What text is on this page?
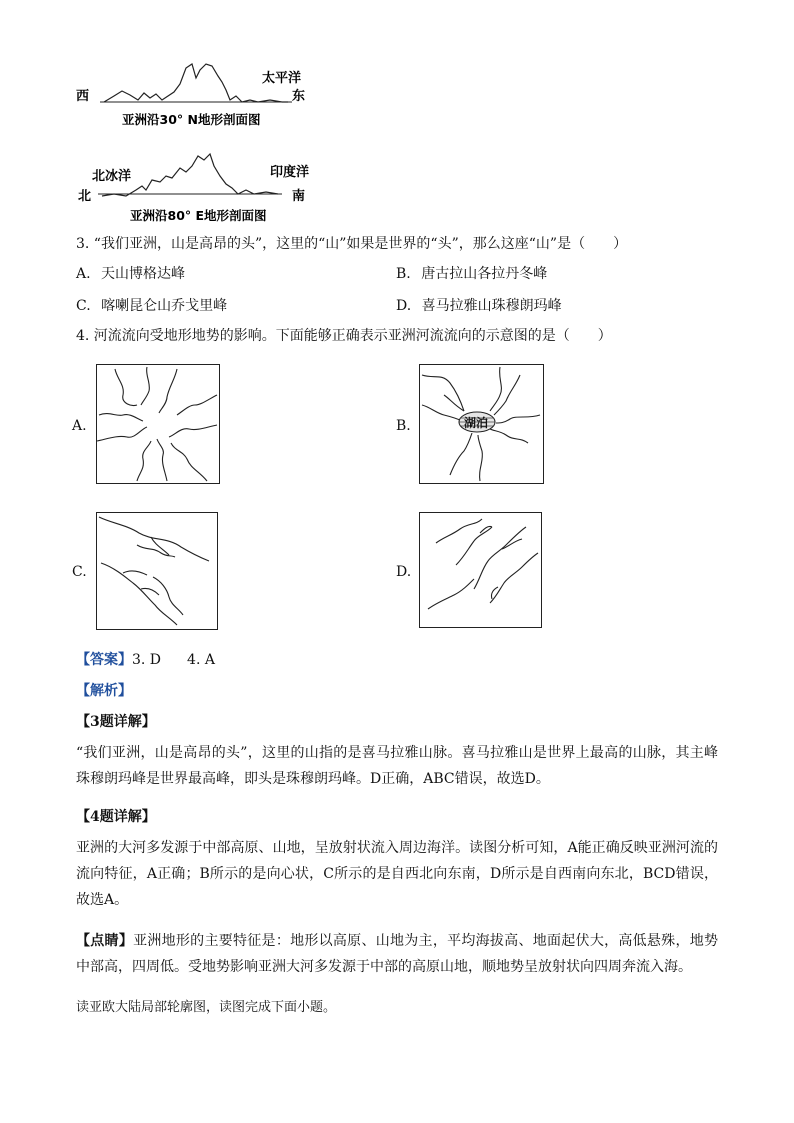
西
太平洋
东
亚洲沿30° N地形剖面图
北冰洋
北
印度洋
南
亚洲沿80° E地形剖面图
3. “我们亚洲，山是高昂的头”，这里的“山”如果是世界的“头”，那么这座“山”是（　　）
A. 天山博格达峰	B. 唐古拉山各拉丹冬峰
C. 喀喇昆仑山乔戈里峰	D. 喜马拉雅山珠穆朗玛峰
4. 河流流向受地形地势的影响。下面能够正确表示亚洲河流流向的示意图的是（　　）
A.	B.	湖泊
C.	D.
【答案】3. D 4. A
【解析】
【3题详解】
“我们亚洲，山是高昂的头”，这里的山指的是喜马拉雅山脉。喜马拉雅山是世界上最高的山脉，其主峰珠穆朗玛峰是世界最高峰，即头是珠穆朗玛峰。D正确，ABC错误，故选D。
【4题详解】
亚洲的大河多发源于中部高原、山地，呈放射状流入周边海洋。读图分析可知，A能正确反映亚洲河流的流向特征，A正确；B所示的是向心状，C所示的是自西北向东南，D所示是自西南向东北，BCD错误，故选A。
【点睛】亚洲地形的主要特征是：地形以高原、山地为主，平均海拔高、地面起伏大，高低悬殊，地势中部高，四周低。受地势影响亚洲大河多发源于中部的高原山地，顺地势呈放射状向四周奔流入海。
读亚欧大陆局部轮廓图，读图完成下面小题。
